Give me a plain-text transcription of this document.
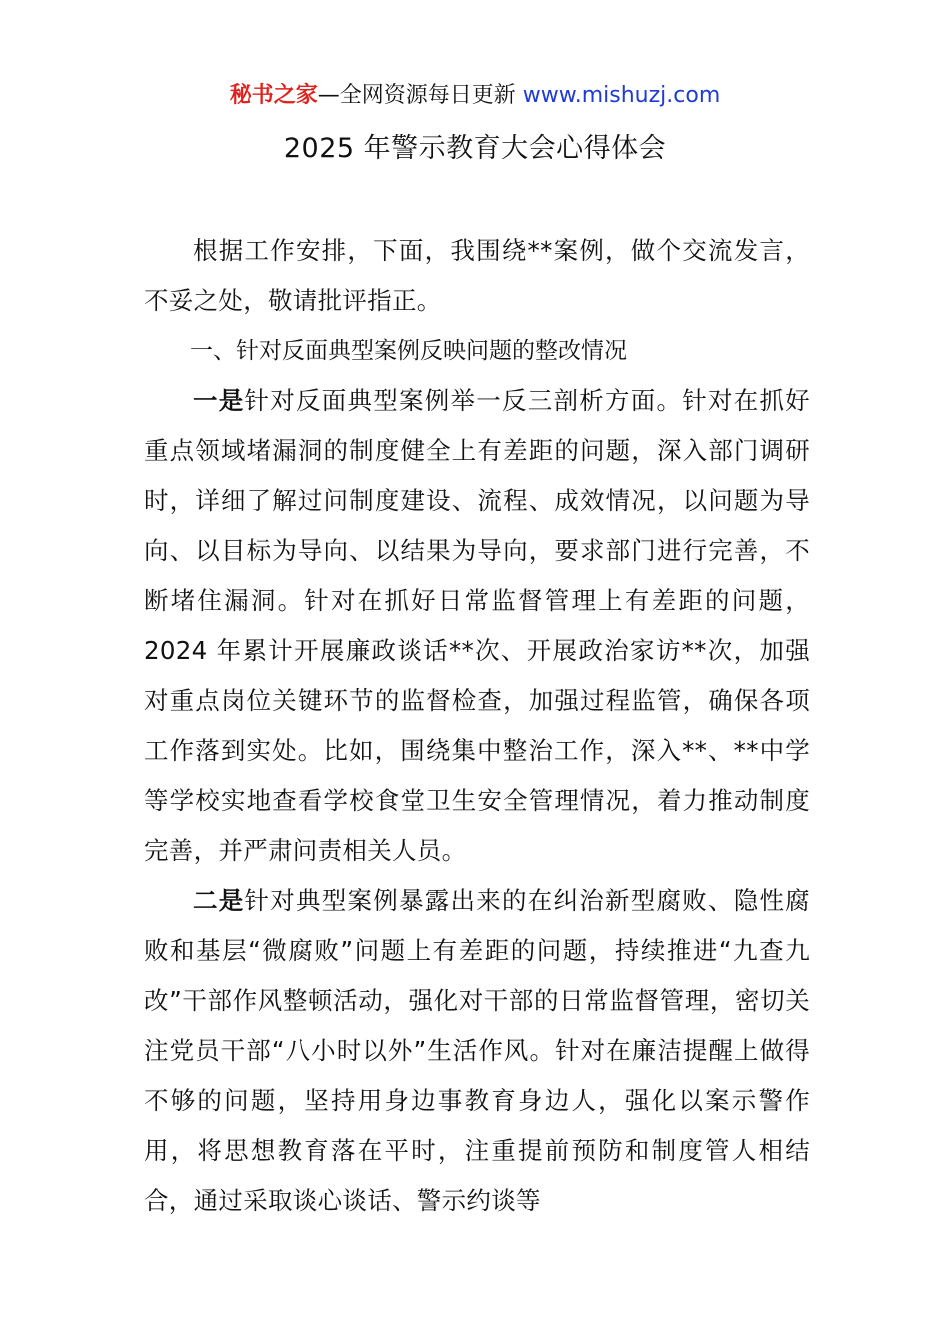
秘书之家—全网资源每日更新 www.mishuzj.com
2025 年警示教育大会心得体会

根据工作安排，下面，我围绕**案例，做个交流发言，不妥之处，敬请批评指正。

一、针对反面典型案例反映问题的整改情况

一是针对反面典型案例举一反三剖析方面。针对在抓好重点领域堵漏洞的制度健全上有差距的问题，深入部门调研时，详细了解过问制度建设、流程、成效情况，以问题为导向、以目标为导向、以结果为导向，要求部门进行完善，不断堵住漏洞。针对在抓好日常监督管理上有差距的问题，2024 年累计开展廉政谈话**次、开展政治家访**次，加强对重点岗位关键环节的监督检查，加强过程监管，确保各项工作落到实处。比如，围绕集中整治工作，深入**、**中学等学校实地查看学校食堂卫生安全管理情况，着力推动制度完善，并严肃问责相关人员。

二是针对典型案例暴露出来的在纠治新型腐败、隐性腐败和基层“微腐败”问题上有差距的问题，持续推进“九查九改”干部作风整顿活动，强化对干部的日常监督管理，密切关注党员干部“八小时以外”生活作风。针对在廉洁提醒上做得不够的问题，坚持用身边事教育身边人，强化以案示警作用，将思想教育落在平时，注重提前预防和制度管人相结合，通过采取谈心谈话、警示约谈等
